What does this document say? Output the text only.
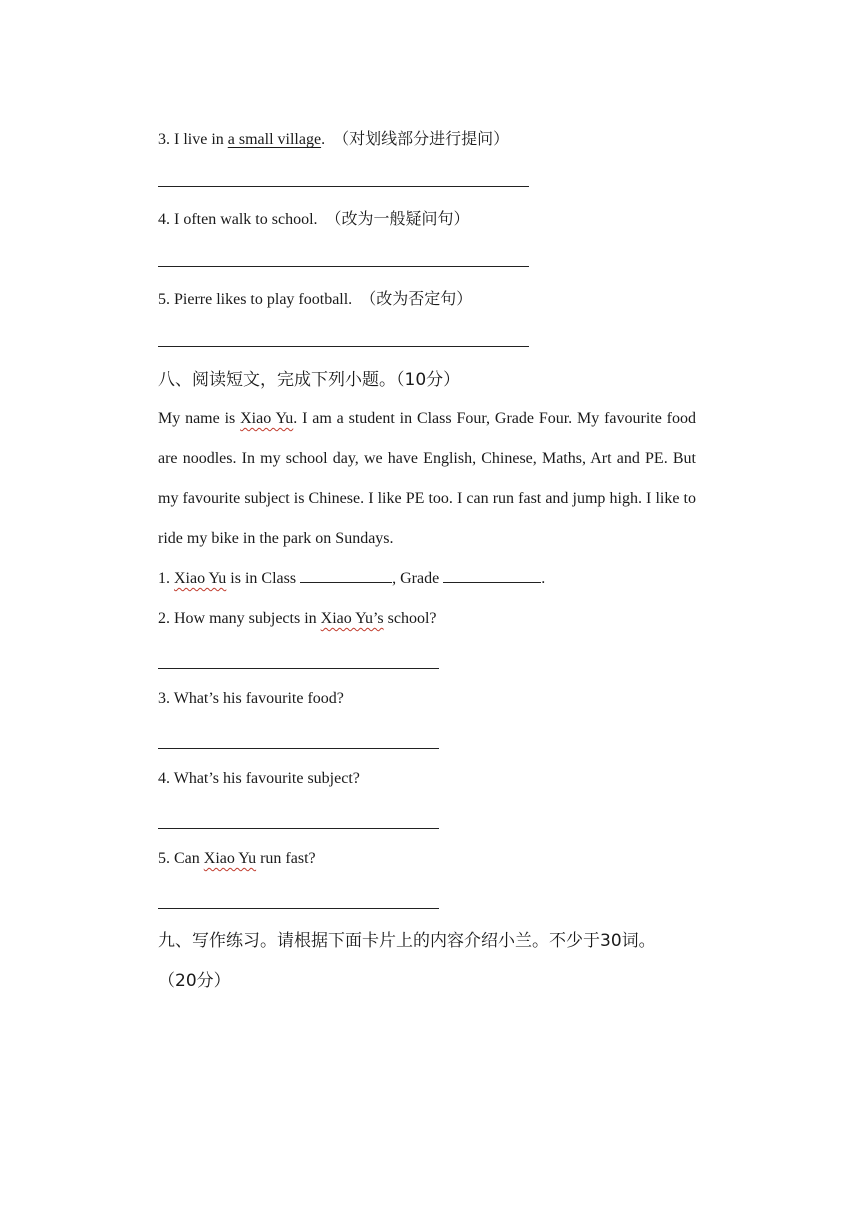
3. I live in a small village. （对划线部分进行提问）
4. I often walk to school. （改为一般疑问句）
5. Pierre likes to play football. （改为否定句）
八、阅读短文，完成下列小题。（10分）
My name is Xiao Yu. I am a student in Class Four, Grade Four. My favourite food are noodles. In my school day, we have English, Chinese, Maths, Art and PE. But my favourite subject is Chinese. I like PE too. I can run fast and jump high. I like to ride my bike in the park on Sundays.
1. Xiao Yu is in Class	, Grade	.
2. How many subjects in Xiao Yu’s school?
3. What’s his favourite food?
4. What’s his favourite subject?
5. Can Xiao Yu run fast?
九、写作练习。请根据下面卡片上的内容介绍小兰。不少于30词。
（20分）
